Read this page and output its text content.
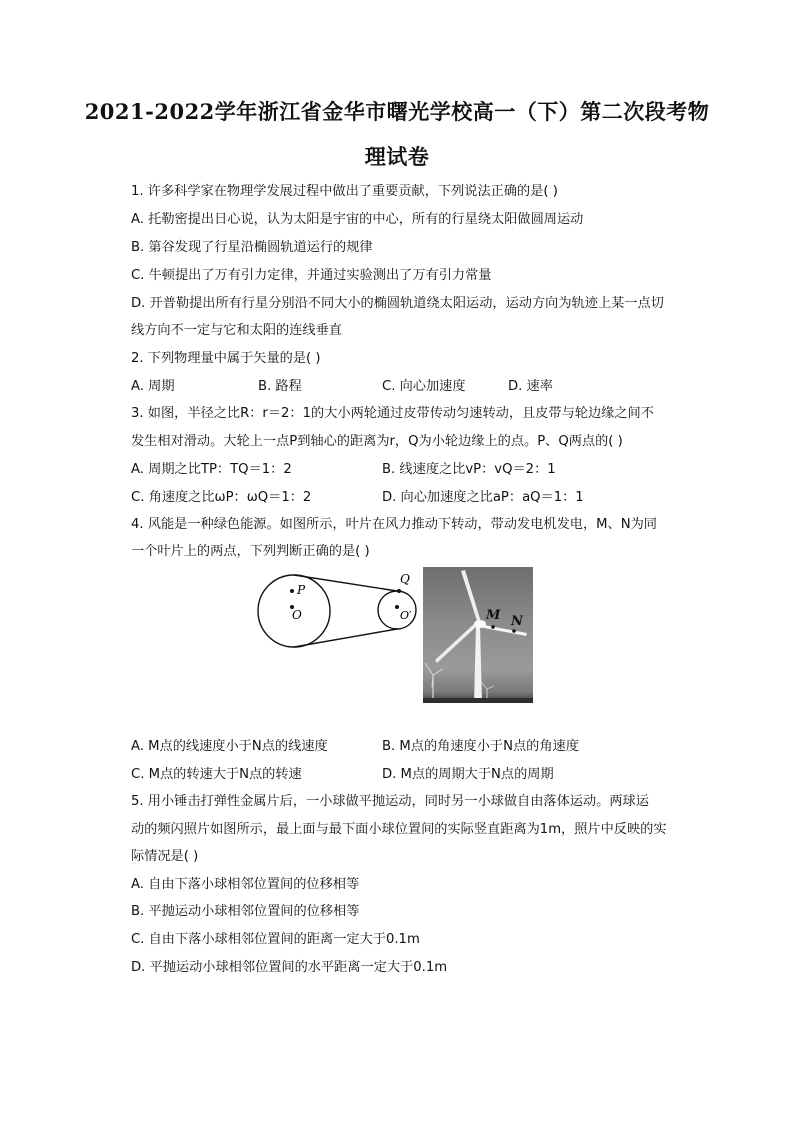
2021-2022学年浙江省金华市曙光学校高一（下）第二次段考物
理试卷
1. 许多科学家在物理学发展过程中做出了重要贡献，下列说法正确的是( )
A. 托勒密提出日心说，认为太阳是宇宙的中心，所有的行星绕太阳做圆周运动
B. 第谷发现了行星沿椭圆轨道运行的规律
C. 牛顿提出了万有引力定律，并通过实验测出了万有引力常量
D. 开普勒提出所有行星分别沿不同大小的椭圆轨道绕太阳运动，运动方向为轨迹上某一点切
线方向不一定与它和太阳的连线垂直
2. 下列物理量中属于矢量的是( )
A. 周期	B. 路程	C. 向心加速度	D. 速率
3. 如图，半径之比R：r＝2：1的大小两轮通过皮带传动匀速转动，且皮带与轮边缘之间不
发生相对滑动。大轮上一点P到轴心的距离为r，Q为小轮边缘上的点。P、Q两点的( )
A. 周期之比TP：TQ＝1：2	B. 线速度之比vP：vQ＝2：1
C. 角速度之比ωP：ωQ＝1：2	D. 向心加速度之比aP：aQ＝1：1
4. 风能是一种绿色能源。如图所示，叶片在风力推动下转动，带动发电机发电，M、N为同
一个叶片上的两点，下列判断正确的是( )
P
O
Q
O′	M N
A. M点的线速度小于N点的线速度	B. M点的角速度小于N点的角速度
C. M点的转速大于N点的转速	D. M点的周期大于N点的周期
5. 用小锤击打弹性金属片后，一小球做平抛运动，同时另一小球做自由落体运动。两球运
动的频闪照片如图所示，最上面与最下面小球位置间的实际竖直距离为1m，照片中反映的实
际情况是( )
A. 自由下落小球相邻位置间的位移相等
B. 平抛运动小球相邻位置间的位移相等
C. 自由下落小球相邻位置间的距离一定大于0.1m
D. 平抛运动小球相邻位置间的水平距离一定大于0.1m
